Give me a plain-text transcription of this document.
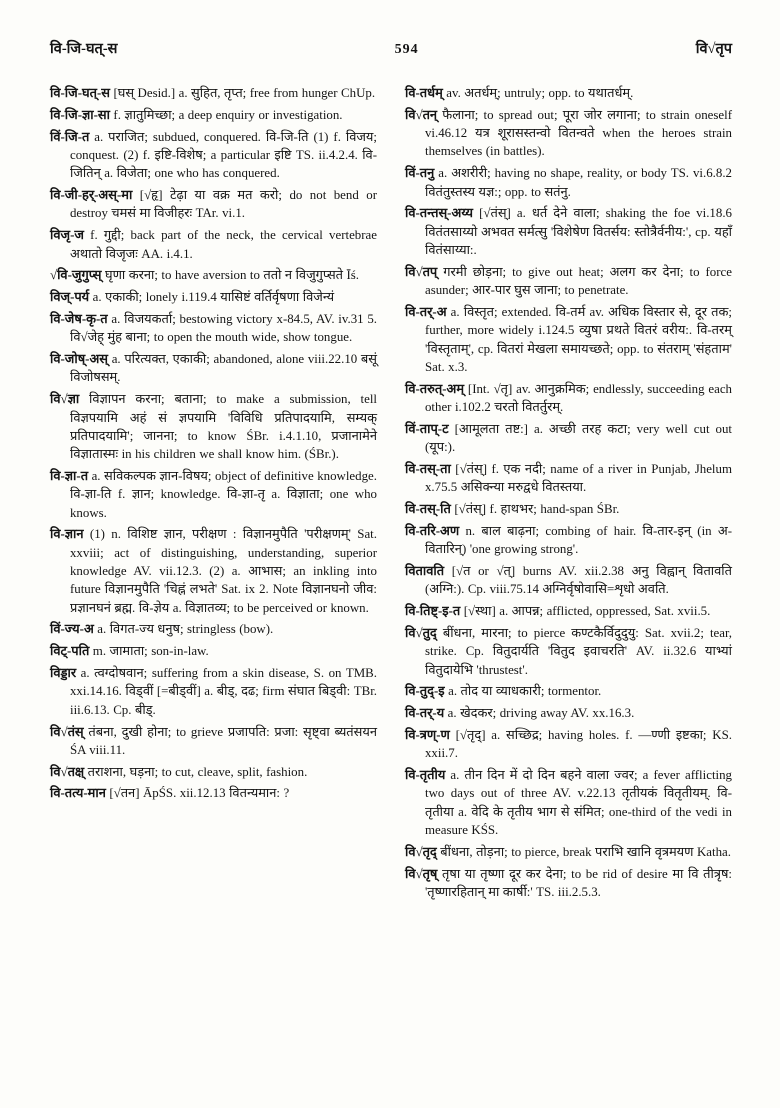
वि-जि-घत्-स	594	वि√तृप

वि-जि-घत्-स [घस् Desid.] a. सुहित, तृप्त; free from hunger ChUp.

वि-जि-ज्ञा-सा f. ज्ञातुमिच्छा; a deep enquiry or investigation.

विं-जि-त a. पराजित; subdued, conquered. वि-जि-ति (1) f. विजय; conquest. (2) f. इष्टि-विशेष; a particular इष्टि TS. ii.4.2.4. वि-जितिन् a. विजेता; one who has conquered.

वि-जी-हर्-अस्-मा [√हृ] टेढ़ा या वक्र मत करो; do not bend or destroy चमसं मा विजीहरः TAr. vi.1.

विजृ-ज f. गुद्दी; back part of the neck, the cervical vertebrae अथातो विजृजः AA. i.4.1.

√वि-जुगुप्स् घृणा करना; to have aversion to ततो न विजुगुप्सते Īś.

विज्-पर्य a. एकाकी; lonely i.119.4 यासिष्टं वर्तिर्वृषणा विजेन्यं

वि-जेष-कृ-त a. विजयकर्ता; bestowing victory x-84.5, AV. iv.31 5. वि√जेह् मुंह बाना; to open the mouth wide, show tongue.

वि-जोष्-अस् a. परित्यक्त, एकाकी; abandoned, alone viii.22.10 बसूं विजोषसम्.

वि√ज्ञा विज्ञापन करना; बताना; to make a submission, tell विज्ञपयामि अहं सं ज्ञपयामि 'विविधि प्रतिपादयामि, सम्यक् प्रतिपादयामि'; जानना; to know ŚBr. i.4.1.10, प्रजानामेने विज्ञातास्मः in his children we shall know him. (ŚBr.).

वि-ज्ञा-त a. सविकल्पक ज्ञान-विषय; object of definitive knowledge. वि-ज्ञा-ति f. ज्ञान; knowledge. वि-ज्ञा-तृ a. विज्ञाता; one who knows.

वि-ज्ञान (1) n. विशिष्ट ज्ञान, परीक्षण : विज्ञानमुपैति 'परीक्षणम्' Sat. xxviii; act of distinguishing, understanding, superior knowledge AV. vii.12.3. (2) a. आभास; an inkling into future विज्ञानमुपैति 'चिह्नं लभते' Sat. ix 2. Note विज्ञानघनो जीव: प्रज्ञानघनं ब्रह्म. वि-ज्ञेय a. विज्ञातव्य; to be perceived or known.

विं-ज्य-अ a. विगत-ज्य धनुष; stringless (bow).

विट्-पति m. जामाता; son-in-law.

विड्डार a. त्वग्दोषवान; suffering from a skin disease, S. on TMB. xxi.14.16. विड्वीं [=बीड्वीं] a. बीड्, दढ; firm संघात बिड्वी: TBr. iii.6.13. Cp. बीड्.

वि√तंस् तंबना, दुखी होना; to grieve प्रजापति: प्रजा: सृष्ट्वा ब्यतंसयन ŚA viii.11.

वि√तक्ष् तराशना, घड़ना; to cut, cleave, split, fashion.

वि-तत्य-मान [√तन] ĀpŚS. xii.12.13 वितन्यमान: ?

वि-तर्धम् av. अतर्धम्; untruly; opp. to यथातर्धम्.

वि√तन् फैलाना; to spread out; पूरा जोर लगाना; to strain oneself vi.46.12 यत्र शूरासस्तन्वो वितन्वते when the heroes strain themselves (in battles).

विं-तनु a. अशरीरी; having no shape, reality, or body TS. vi.6.8.2 वितंतुस्तस्य यज्ञ:; opp. to सतंनु.

वि-तन्तस्-अय्य [√तंस्] a. धर्त देने वाला; shaking the foe vi.18.6 वितंतसाय्यो अभवत सर्मत्सु 'विशेषेण वितर्सय: स्तोत्रैर्वनीय:', cp. यहाँ वितंसाय्या:.

वि√तप् गरमी छोड़ना; to give out heat; अलग कर देना; to force asunder; आर-पार घुस जाना; to penetrate.

वि-तर्-अ a. विस्तृत; extended. वि-तर्म av. अधिक विस्तार से, दूर तक; further, more widely i.124.5 व्युषा प्रथते वितरं वरीय:. वि-तरम् 'विस्तृताम्', cp. वितरां मेखला समायच्छते; opp. to संतराम् 'संहताम' Sat. x.3.

वि-तरुत्-अम् [Int. √तृ] av. आनुक्रमिक; endlessly, succeeding each other i.102.2 चरतो वितर्तुरम्.

विं-ताप्-ट [आमूलता तष्ट:] a. अच्छी तरह कटा; very well cut out (यूप:).

वि-तस्-ता [√तंस्] f. एक नदी; name of a river in Punjab, Jhelum x.75.5 असिक्न्या मरुद्वधे वितस्तया.

वि-तस्-ति [√तंस्] f. हाथभर; hand-span ŚBr.

वि-तरि-अण n. बाल बाढ़ना; combing of hair. वि-तार-इन् (in अ-वितारिन्) 'one growing strong'.

वितावति [√त or √त्] burns AV. xii.2.38 अनु विह्वान् वितावति (अग्नि:). Cp. viii.75.14 अग्निर्वृषोवासि=शृधो अवति.

वि-तिष्ट्-इ-त [√स्था] a. आपन्न; afflicted, oppressed, Sat. xvii.5.

वि√तुद् बींधना, मारना; to pierce कण्टकैर्विदुदुयु: Sat. xvii.2; tear, strike. Cp. वितुदार्यति 'वितुद इवाचरति' AV. ii.32.6 याभ्यां वितुदायेभि 'thrustest'.

वि-तुद्-इ a. तोद या व्याधकारी; tormentor.

वि-तर्-य a. खेदकर; driving away AV. xx.16.3.

वि-त्रण्-ण [√तृद्] a. सच्छिद्र; having holes. f. —ण्णी इष्टका; KS. xxii.7.

वि-तृतीय a. तीन दिन में दो दिन बहने वाला ज्वर; a fever afflicting two days out of three AV. v.22.13 तृतीयकं वितृतीयम्. वि-तृतीया a. वेदि के तृतीय भाग से संमित; one-third of the vedi in measure KŚS.

वि√तृद् बींधना, तोड़ना; to pierce, break पराभि खानि वृत्रमयण Katha.

वि√तृष् तृषा या तृष्णा दूर कर देना; to be rid of desire मा वि तीत्रृष: 'तृष्णारहितान् मा कार्षी:' TS. iii.2.5.3.
